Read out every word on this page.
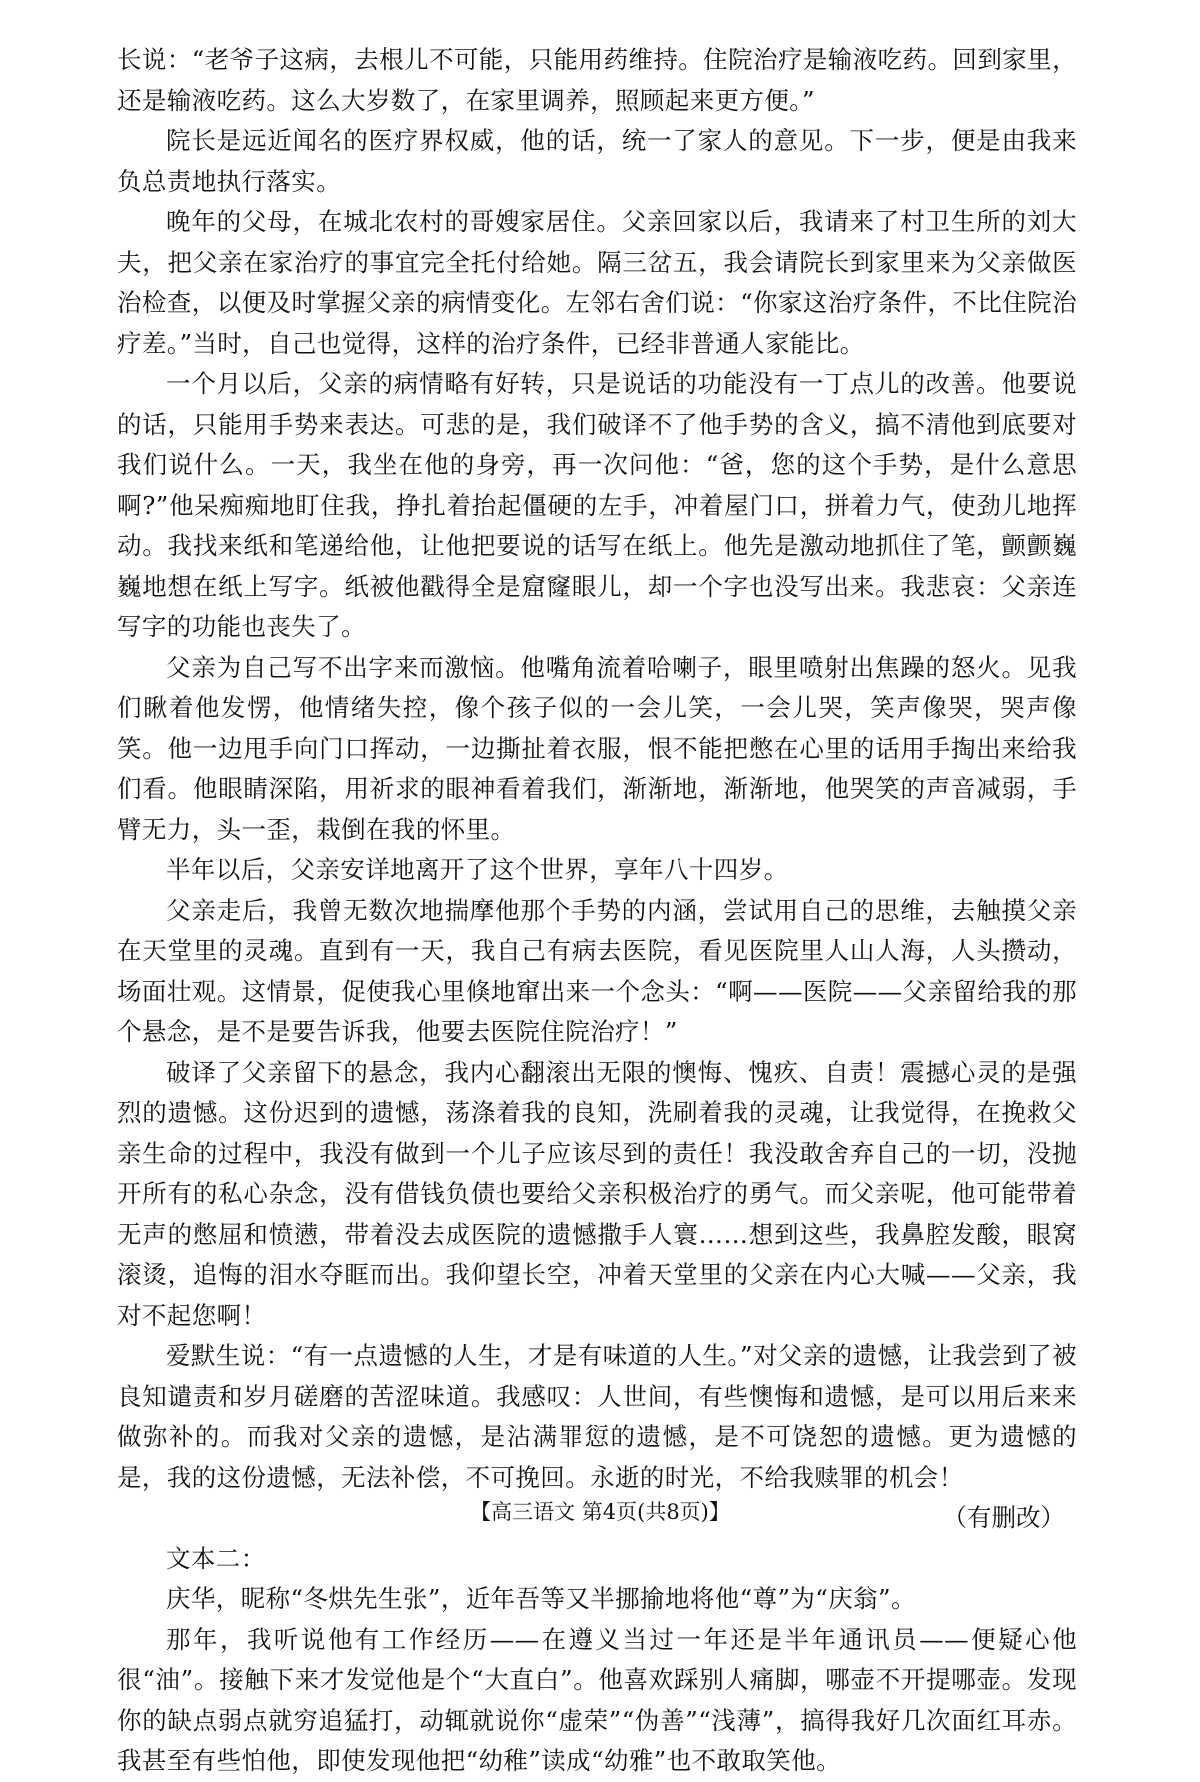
长说：“老爷子这病，去根儿不可能，只能用药维持。住院治疗是输液吃药。回到家里，还是输液吃药。这么大岁数了，在家里调养，照顾起来更方便。”

院长是远近闻名的医疗界权威，他的话，统一了家人的意见。下一步，便是由我来负总责地执行落实。

晚年的父母，在城北农村的哥嫂家居住。父亲回家以后，我请来了村卫生所的刘大夫，把父亲在家治疗的事宜完全托付给她。隔三岔五，我会请院长到家里来为父亲做医治检查，以便及时掌握父亲的病情变化。左邻右舍们说：“你家这治疗条件，不比住院治疗差。”当时，自己也觉得，这样的治疗条件，已经非普通人家能比。

一个月以后，父亲的病情略有好转，只是说话的功能没有一丁点儿的改善。他要说的话，只能用手势来表达。可悲的是，我们破译不了他手势的含义，搞不清他到底要对我们说什么。一天，我坐在他的身旁，再一次问他：“爸，您的这个手势，是什么意思啊?”他呆痴痴地盯住我，挣扎着抬起僵硬的左手，冲着屋门口，拼着力气，使劲儿地挥动。我找来纸和笔递给他，让他把要说的话写在纸上。他先是激动地抓住了笔，颤颤巍巍地想在纸上写字。纸被他戳得全是窟窿眼儿，却一个字也没写出来。我悲哀：父亲连写字的功能也丧失了。

父亲为自己写不出字来而激恼。他嘴角流着哈喇子，眼里喷射出焦躁的怒火。见我们瞅着他发愣，他情绪失控，像个孩子似的一会儿笑，一会儿哭，笑声像哭，哭声像笑。他一边甩手向门口挥动，一边撕扯着衣服，恨不能把憋在心里的话用手掏出来给我们看。他眼睛深陷，用祈求的眼神看着我们，渐渐地，渐渐地，他哭笑的声音减弱，手臂无力，头一歪，栽倒在我的怀里。

半年以后，父亲安详地离开了这个世界，享年八十四岁。

父亲走后，我曾无数次地揣摩他那个手势的内涵，尝试用自己的思维，去触摸父亲在天堂里的灵魂。直到有一天，我自己有病去医院，看见医院里人山人海，人头攒动，场面壮观。这情景，促使我心里倏地窜出来一个念头：“啊——医院——父亲留给我的那个悬念，是不是要告诉我，他要去医院住院治疗！”

破译了父亲留下的悬念，我内心翻滚出无限的懊悔、愧疚、自责！震撼心灵的是强烈的遗憾。这份迟到的遗憾，荡涤着我的良知，洗刷着我的灵魂，让我觉得，在挽救父亲生命的过程中，我没有做到一个儿子应该尽到的责任！我没敢舍弃自己的一切，没抛开所有的私心杂念，没有借钱负债也要给父亲积极治疗的勇气。而父亲呢，他可能带着无声的憋屈和愤懑，带着没去成医院的遗憾撒手人寰……想到这些，我鼻腔发酸，眼窝滚烫，追悔的泪水夺眶而出。我仰望长空，冲着天堂里的父亲在内心大喊——父亲，我对不起您啊！

爱默生说：“有一点遗憾的人生，才是有味道的人生。”对父亲的遗憾，让我尝到了被良知谴责和岁月磋磨的苦涩味道。我感叹：人世间，有些懊悔和遗憾，是可以用后来来做弥补的。而我对父亲的遗憾，是沾满罪愆的遗憾，是不可饶恕的遗憾。更为遗憾的是，我的这份遗憾，无法补偿，不可挽回。永逝的时光，不给我赎罪的机会！

（有删改）

文本二：

庆华，昵称“冬烘先生张”，近年吾等又半挪揄地将他“尊”为“庆翁”。

那年，我听说他有工作经历——在遵义当过一年还是半年通讯员——便疑心他很“油”。接触下来才发觉他是个“大直白”。他喜欢踩别人痛脚，哪壶不开提哪壶。发现你的缺点弱点就穷追猛打，动辄就说你“虚荣”“伪善”“浅薄”，搞得我好几次面红耳赤。我甚至有些怕他，即使发现他把“幼稚”读成“幼雅”也不敢取笑他。

【高三语文 第4页(共8页)】
